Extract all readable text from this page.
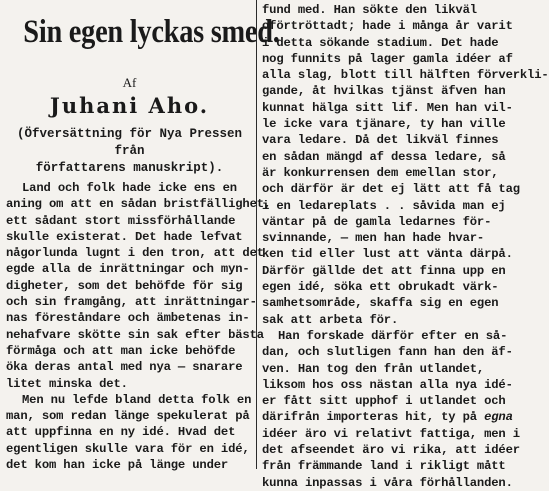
Sin egen lyckas smed.
Af
Juhani Aho.
(Öfversättning för Nya Pressen från
författarens manuskript).
Land och folk hade icke ens en
aning om att en sådan bristfällighet,
ett sådant stort missförhållande
skulle existerat. Det hade lefvat
någorlunda lugnt i den tron, att det
egde alla de inrättningar och myn-
digheter, som det behöfde för sig
och sin framgång, att inrättningar-
nas föreståndare och ämbetenas in-
nehafvare skötte sin sak efter bästa
förmåga och att man icke behöfde
öka deras antal med nya — snarare
litet minska det.
Men nu lefde bland detta folk en
man, som redan länge spekulerat på
att uppfinna en ny idé. Hvad det
egentligen skulle vara för en idé,
det kom han icke på länge under
fund med. Han sökte den likväl
oförtröttadt; hade i många år varit
i detta sökande stadium. Det hade
nog funnits på lager gamla idéer af
alla slag, blott till hälften förverkli-
gande, åt hvilkas tjänst äfven han
kunnat hälga sitt lif. Men han vil-
le icke vara tjänare, ty han ville
vara ledare. Då det likväl finnes
en sådan mängd af dessa ledare, så
är konkurrensen dem emellan stor,
och därför är det ej lätt att få tag
i en ledareplats . . såvida man ej
väntar på de gamla ledarnes för-
svinnande, — men han hade hvar-
ken tid eller lust att vänta därpå.
Därför gällde det att finna upp en
egen idé, söka ett obrukadt värk-
samhetsområde, skaffa sig en egen
sak att arbeta för.
Han forskade därför efter en så-
dan, och slutligen fann han den äf-
ven. Han tog den från utlandet,
liksom hos oss nästan alla nya idé-
er fått sitt upphof i utlandet och
därifrån importeras hit, ty på egna
idéer äro vi relativt fattiga, men i
det afseendet äro vi rika, att idéer
från främmande land i rikligt mått
kunna inpassas i våra förhållanden.
